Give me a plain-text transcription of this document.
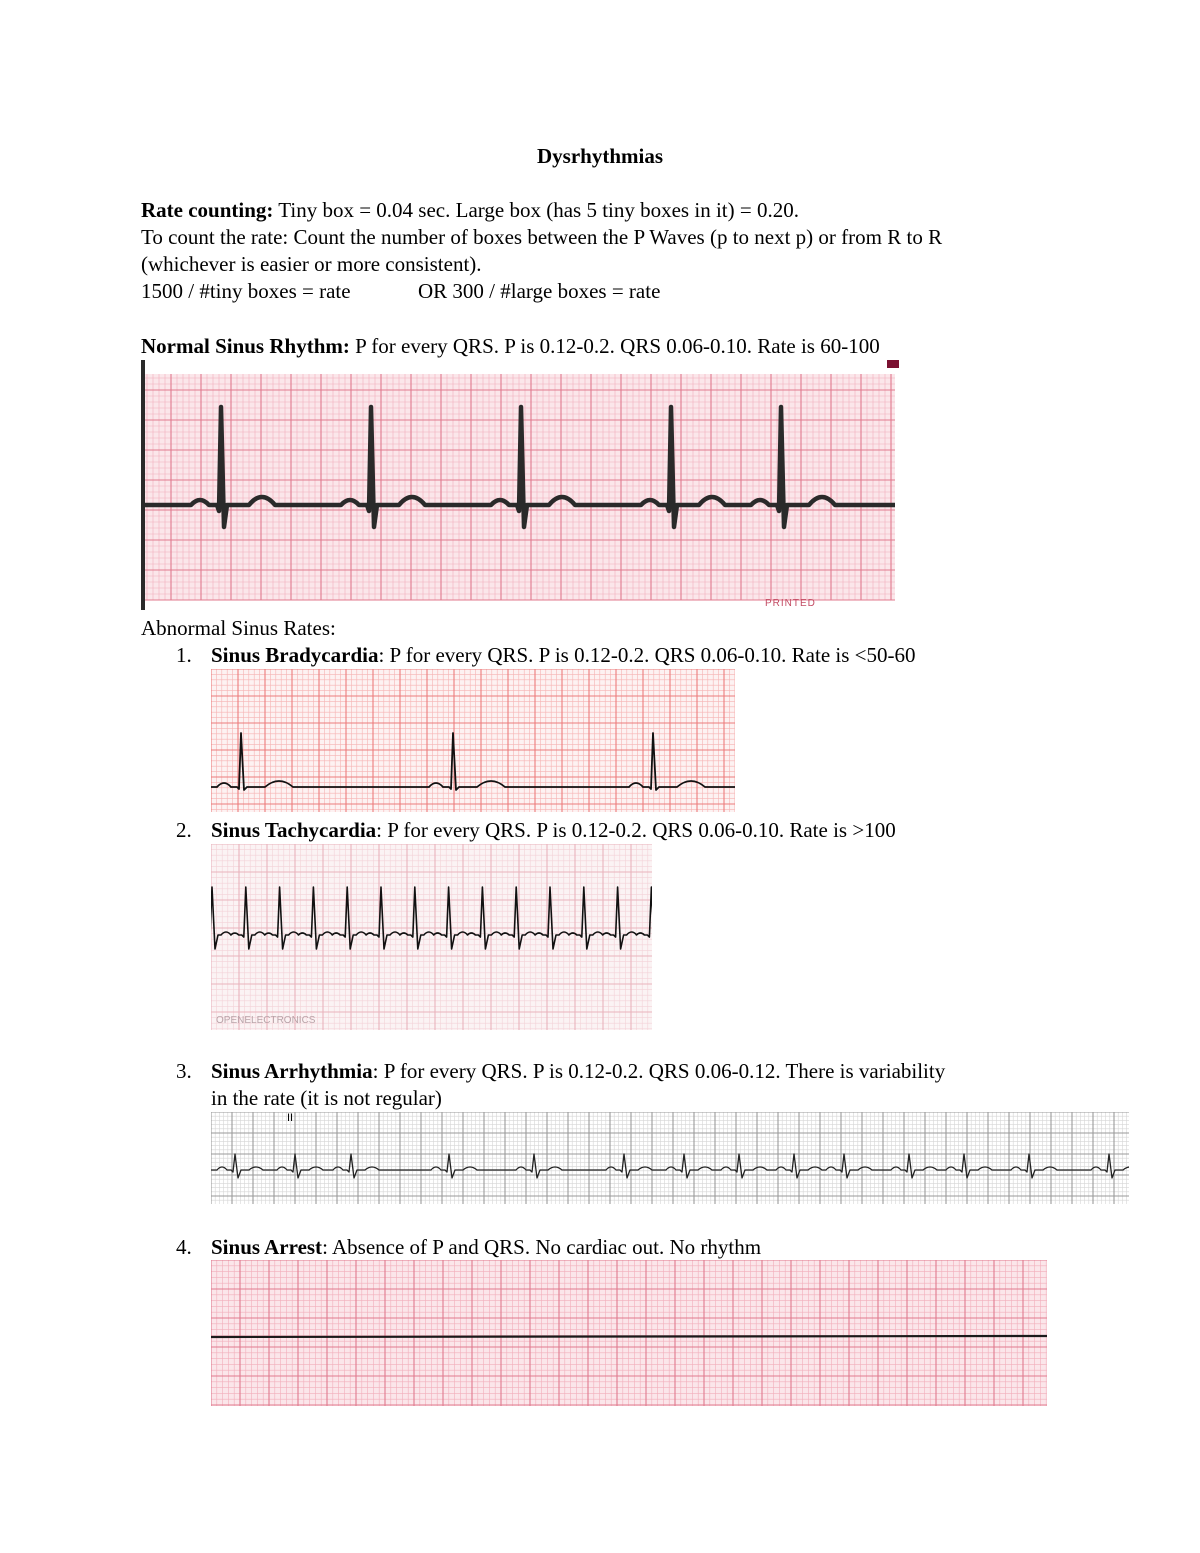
Dysrhythmias
Rate counting: Tiny box = 0.04 sec. Large box (has 5 tiny boxes in it) = 0.20.
To count the rate: Count the number of boxes between the P Waves (p to next p) or from R to R
(whichever is easier or more consistent).
1500 / #tiny boxes = rate	OR 300 / #large boxes = rate
Normal Sinus Rhythm: P for every QRS. P is 0.12-0.2. QRS 0.06-0.10. Rate is 60-100
PRINTED
Abnormal Sinus Rates:
1. Sinus Bradycardia: P for every QRS. P is 0.12-0.2. QRS 0.06-0.10. Rate is <50-60
2. Sinus Tachycardia: P for every QRS. P is 0.12-0.2. QRS 0.06-0.10. Rate is >100
OPENELECTRONICS
3. Sinus Arrhythmia: P for every QRS. P is 0.12-0.2. QRS 0.06-0.12. There is variability
in the rate (it is not regular)
II
4. Sinus Arrest: Absence of P and QRS. No cardiac out. No rhythm
